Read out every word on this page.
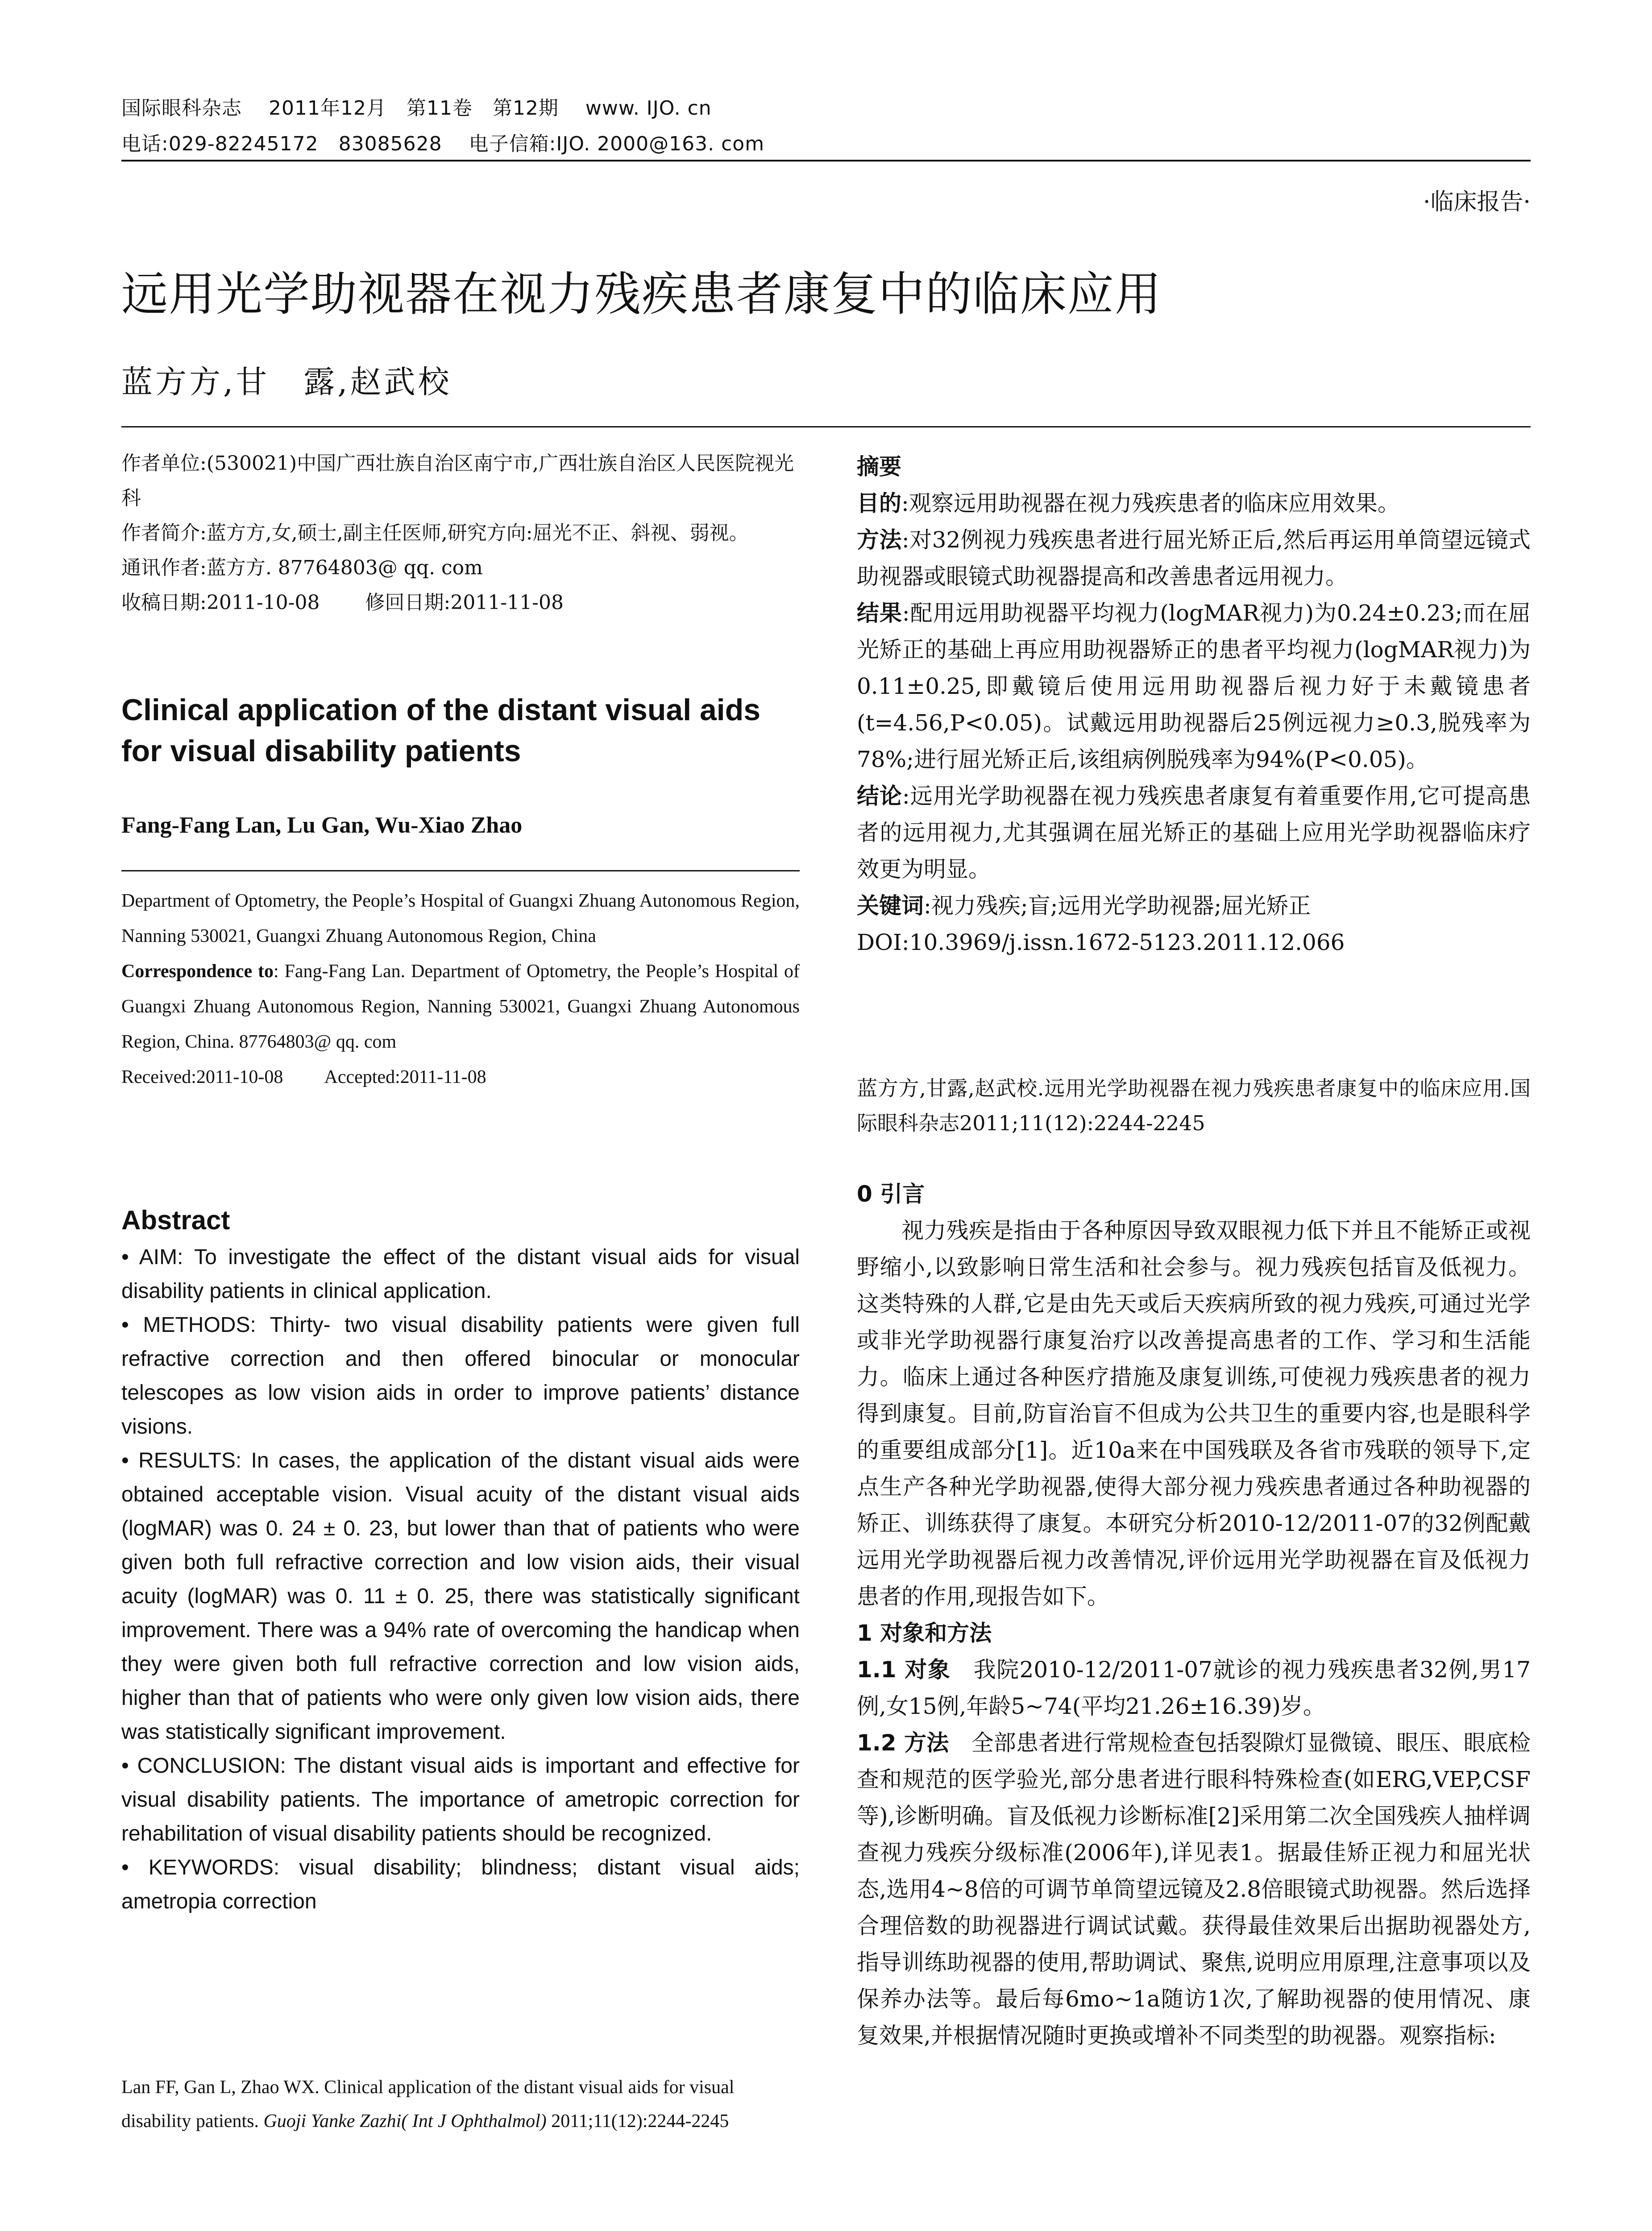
国际眼科杂志　 2011年12月　第11卷　第12期　 www. IJO. cn
电话:029-82245172　83085628　 电子信箱:IJO. 2000@163. com
·临床报告·
远用光学助视器在视力残疾患者康复中的临床应用
蓝方方,甘　露,赵武校

作者单位:(530021)中国广西壮族自治区南宁市,广西壮族自治区人民医院视光科

作者简介:蓝方方,女,硕士,副主任医师,研究方向:屈光不正、斜视、弱视。

通讯作者:蓝方方. 87764803@ qq. com

收稿日期:2011-10-08　　 修回日期:2011-11-08

Clinical application of the distant visual aids for visual disability patients
Fang-Fang Lan, Lu Gan, Wu-Xiao Zhao

Department of Optometry, the People’s Hospital of Guangxi Zhuang Autonomous Region, Nanning 530021, Guangxi Zhuang Autonomous Region, China

Correspondence to: Fang-Fang Lan. Department of Optometry, the People’s Hospital of Guangxi Zhuang Autonomous Region, Nanning 530021, Guangxi Zhuang Autonomous Region, China. 87764803@ qq. com

Received:2011-10-08　　 Accepted:2011-11-08

Abstract

• AIM: To investigate the effect of the distant visual aids for visual disability patients in clinical application.

• METHODS: Thirty- two visual disability patients were given full refractive correction and then offered binocular or monocular telescopes as low vision aids in order to improve patients’ distance visions.

• RESULTS: In cases, the application of the distant visual aids were obtained acceptable vision. Visual acuity of the distant visual aids (logMAR) was 0. 24 ± 0. 23, but lower than that of patients who were given both full refractive correction and low vision aids, their visual acuity (logMAR) was 0. 11 ± 0. 25, there was statistically significant improvement. There was a 94% rate of overcoming the handicap when they were given both full refractive correction and low vision aids, higher than that of patients who were only given low vision aids, there was statistically significant improvement.

• CONCLUSION: The distant visual aids is important and effective for visual disability patients. The importance of ametropic correction for rehabilitation of visual disability patients should be recognized.

• KEYWORDS: visual disability; blindness; distant visual aids; ametropia correction

Lan FF, Gan L, Zhao WX. Clinical application of the distant visual aids for visual disability patients. Guoji Yanke Zazhi( Int J Ophthalmol) 2011;11(12):2244-2245

摘要

目的:观察远用助视器在视力残疾患者的临床应用效果。

方法:对32例视力残疾患者进行屈光矫正后,然后再运用单筒望远镜式助视器或眼镜式助视器提高和改善患者远用视力。

结果:配用远用助视器平均视力(logMAR视力)为0.24±0.23;而在屈光矫正的基础上再应用助视器矫正的患者平均视力(logMAR视力)为0.11±0.25,即戴镜后使用远用助视器后视力好于未戴镜患者(t=4.56,P<0.05)。试戴远用助视器后25例远视力≥0.3,脱残率为78%;进行屈光矫正后,该组病例脱残率为94%(P<0.05)。

结论:远用光学助视器在视力残疾患者康复有着重要作用,它可提高患者的远用视力,尤其强调在屈光矫正的基础上应用光学助视器临床疗效更为明显。

关键词:视力残疾;盲;远用光学助视器;屈光矫正

DOI:10.3969/j.issn.1672-5123.2011.12.066

蓝方方,甘露,赵武校.远用光学助视器在视力残疾患者康复中的临床应用.国际眼科杂志2011;11(12):2244-2245

0 引言

视力残疾是指由于各种原因导致双眼视力低下并且不能矫正或视野缩小,以致影响日常生活和社会参与。视力残疾包括盲及低视力。这类特殊的人群,它是由先天或后天疾病所致的视力残疾,可通过光学或非光学助视器行康复治疗以改善提高患者的工作、学习和生活能力。临床上通过各种医疗措施及康复训练,可使视力残疾患者的视力得到康复。目前,防盲治盲不但成为公共卫生的重要内容,也是眼科学的重要组成部分[1]。近10a来在中国残联及各省市残联的领导下,定点生产各种光学助视器,使得大部分视力残疾患者通过各种助视器的矫正、训练获得了康复。本研究分析2010-12/2011-07的32例配戴远用光学助视器后视力改善情况,评价远用光学助视器在盲及低视力患者的作用,现报告如下。

1 对象和方法

1.1 对象　我院2010-12/2011-07就诊的视力残疾患者32例,男17例,女15例,年龄5~74(平均21.26±16.39)岁。

1.2 方法　全部患者进行常规检查包括裂隙灯显微镜、眼压、眼底检查和规范的医学验光,部分患者进行眼科特殊检查(如ERG,VEP,CSF等),诊断明确。盲及低视力诊断标准[2]采用第二次全国残疾人抽样调查视力残疾分级标准(2006年),详见表1。据最佳矫正视力和屈光状态,选用4~8倍的可调节单筒望远镜及2.8倍眼镜式助视器。然后选择合理倍数的助视器进行调试试戴。获得最佳效果后出据助视器处方,指导训练助视器的使用,帮助调试、聚焦,说明应用原理,注意事项以及保养办法等。最后每6mo~1a随访1次,了解助视器的使用情况、康复效果,并根据情况随时更换或增补不同类型的助视器。观察指标:
